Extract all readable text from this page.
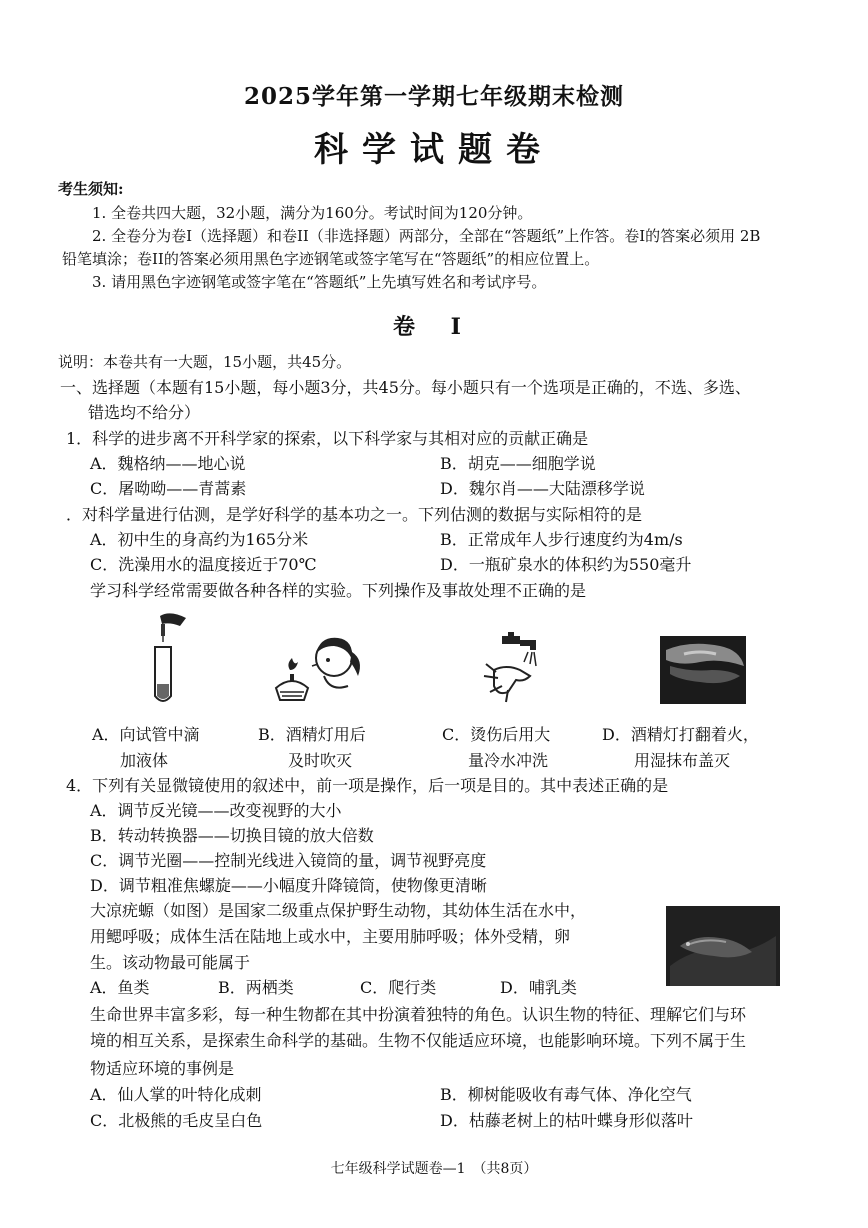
2025学年第一学期七年级期末检测
科学试题卷
考生须知:
1. 全卷共四大题，32小题，满分为160分。考试时间为120分钟。
2. 全卷分为卷I（选择题）和卷II（非选择题）两部分，全部在“答题纸”上作答。卷I的答案必须用 2B
铅笔填涂；卷II的答案必须用黑色字迹钢笔或签字笔写在“答题纸”的相应位置上。
3. 请用黑色字迹钢笔或签字笔在“答题纸”上先填写姓名和考试序号。
卷 I
说明：本卷共有一大题，15小题，共45分。
一、选择题（本题有15小题，每小题3分，共45分。每小题只有一个选项是正确的，不选、多选、
错选均不给分）
1．科学的进步离不开科学家的探索，以下科学家与其相对应的贡献正确是
A．魏格纳——地心说	B．胡克——细胞学说
C．屠呦呦——青蒿素	D．魏尔肖——大陆漂移学说
．对科学量进行估测，是学好科学的基本功之一。下列估测的数据与实际相符的是
A．初中生的身高约为165分米	B．正常成年人步行速度约为4m/s
C．洗澡用水的温度接近于70℃	D．一瓶矿泉水的体积约为550毫升
学习科学经常需要做各种各样的实验。下列操作及事故处理不正确的是
A．向试管中滴
加液体
B．酒精灯用后
及时吹灭
C．烫伤后用大
量冷水冲洗
D．酒精灯打翻着火，
用湿抹布盖灭
4．下列有关显微镜使用的叙述中，前一项是操作，后一项是目的。其中表述正确的是
A．调节反光镜——改变视野的大小
B．转动转换器——切换目镜的放大倍数
C．调节光圈——控制光线进入镜筒的量，调节视野亮度
D．调节粗准焦螺旋——小幅度升降镜筒，使物像更清晰
大凉疣螈（如图）是国家二级重点保护野生动物，其幼体生活在水中，
用鳃呼吸；成体生活在陆地上或水中，主要用肺呼吸；体外受精，卵
生。该动物最可能属于
A．鱼类	B．两栖类	C．爬行类	D．哺乳类
生命世界丰富多彩，每一种生物都在其中扮演着独特的角色。认识生物的特征、理解它们与环
境的相互关系，是探索生命科学的基础。生物不仅能适应环境，也能影响环境。下列不属于生
物适应环境的事例是
A．仙人掌的叶特化成刺	B．柳树能吸收有毒气体、净化空气
C．北极熊的毛皮呈白色	D．枯藤老树上的枯叶蝶身形似落叶
七年级科学试题卷—1　（共8页）
